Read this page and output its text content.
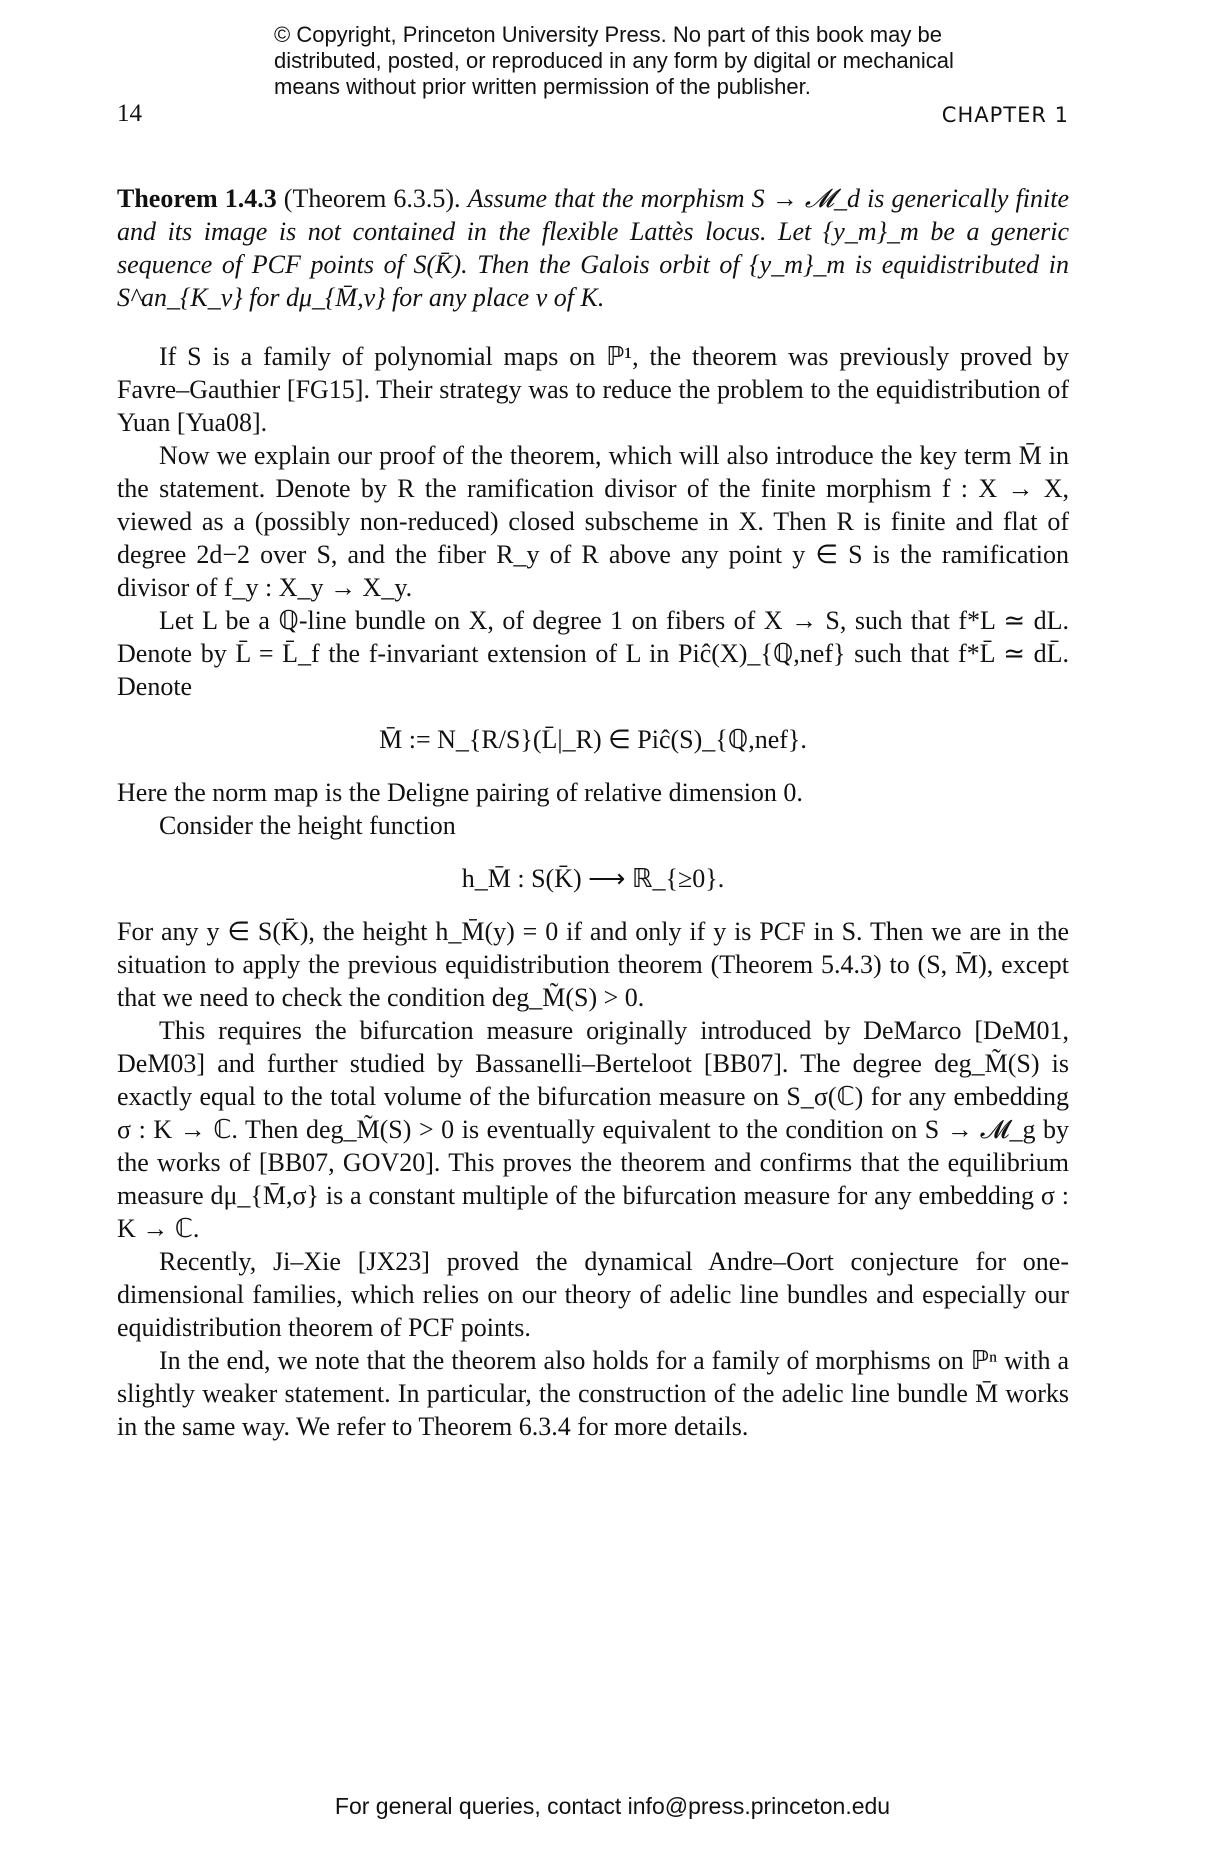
© Copyright, Princeton University Press. No part of this book may be
distributed, posted, or reproduced in any form by digital or mechanical
means without prior written permission of the publisher.
14	CHAPTER 1

Theorem 1.4.3 (Theorem 6.3.5). Assume that the morphism S → 𝓜_d is generically finite and its image is not contained in the flexible Lattès locus. Let {y_m}_m be a generic sequence of PCF points of S(K̄). Then the Galois orbit of {y_m}_m is equidistributed in S^an_{K_v} for dμ_{M̄,v} for any place v of K.

If S is a family of polynomial maps on ℙ¹, the theorem was previously proved by Favre–Gauthier [FG15]. Their strategy was to reduce the problem to the equidistribution of Yuan [Yua08].

Now we explain our proof of the theorem, which will also introduce the key term M̄ in the statement. Denote by R the ramification divisor of the finite morphism f : X → X, viewed as a (possibly non-reduced) closed subscheme in X. Then R is finite and flat of degree 2d−2 over S, and the fiber R_y of R above any point y ∈ S is the ramification divisor of f_y : X_y → X_y.

Let L be a ℚ-line bundle on X, of degree 1 on fibers of X → S, such that f*L ≃ dL. Denote by L̄ = L̄_f the f-invariant extension of L in Piĉ(X)_{ℚ,nef} such that f*L̄ ≃ dL̄. Denote

M̄ := N_{R/S}(L̄|_R) ∈ Piĉ(S)_{ℚ,nef}.

Here the norm map is the Deligne pairing of relative dimension 0.

Consider the height function

h_M̄ : S(K̄) ⟶ ℝ_{≥0}.

For any y ∈ S(K̄), the height h_M̄(y) = 0 if and only if y is PCF in S. Then we are in the situation to apply the previous equidistribution theorem (Theorem 5.4.3) to (S, M̄), except that we need to check the condition deg_M̃(S) > 0.

This requires the bifurcation measure originally introduced by DeMarco [DeM01, DeM03] and further studied by Bassanelli–Berteloot [BB07]. The degree deg_M̃(S) is exactly equal to the total volume of the bifurcation measure on S_σ(ℂ) for any embedding σ : K → ℂ. Then deg_M̃(S) > 0 is eventually equivalent to the condition on S → 𝓜_g by the works of [BB07, GOV20]. This proves the theorem and confirms that the equilibrium measure dμ_{M̄,σ} is a constant multiple of the bifurcation measure for any embedding σ : K → ℂ.

Recently, Ji–Xie [JX23] proved the dynamical Andre–Oort conjecture for one-dimensional families, which relies on our theory of adelic line bundles and especially our equidistribution theorem of PCF points.

In the end, we note that the theorem also holds for a family of morphisms on ℙⁿ with a slightly weaker statement. In particular, the construction of the adelic line bundle M̄ works in the same way. We refer to Theorem 6.3.4 for more details.

For general queries, contact info@press.princeton.edu
